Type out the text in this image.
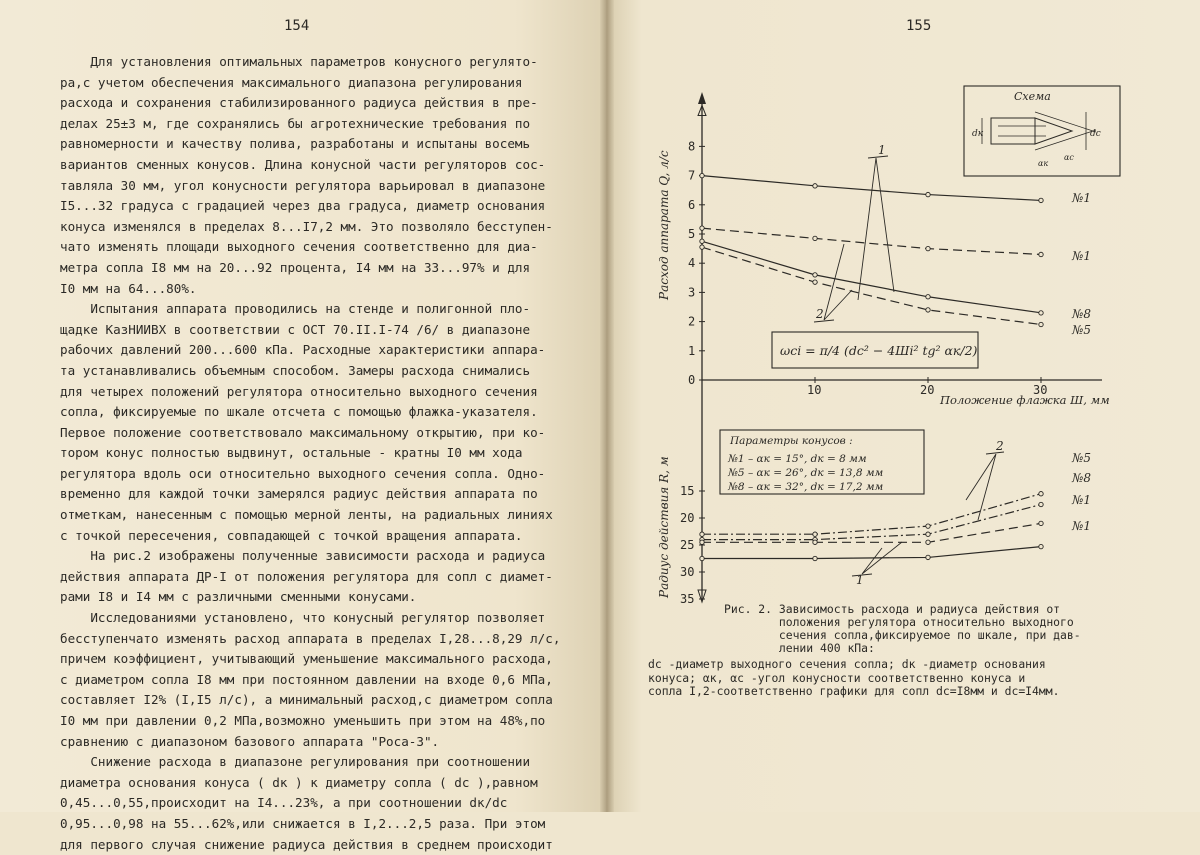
154
Для установления оптимальных параметров конусного регулято-
ра,с учетом обеспечения максимального диапазона регулирования
расхода и сохранения стабилизированного радиуса действия в пре-
делах 25±3 м, где сохранялись бы агротехнические требования по
равномерности и качеству полива, разработаны и испытаны восемь
вариантов сменных конусов. Длина конусной части регуляторов сос-
тавляла 30 мм, угол конусности регулятора варьировал в диапазоне
I5...32 градуса с градацией через два градуса, диаметр основания
конуса изменялся в пределах 8...I7,2 мм. Это позволяло бесступен-
чато изменять площади выходного сечения соответственно для диа-
метра сопла I8 мм на 20...92 процента, I4 мм на 33...97% и для
I0 мм на 64...80%.
Испытания аппарата проводились на стенде и полигонной пло-
щадке КазНИИВХ в соответствии с ОСТ 70.II.I-74 /6/ в диапазоне
рабочих давлений 200...600 кПа. Расходные характеристики аппара-
та устанавливались объемным способом. Замеры расхода снимались
для четырех положений регулятора относительно выходного сечения
сопла, фиксируемые по шкале отсчета с помощью флажка-указателя.
Первое положение соответствовало максимальному открытию, при ко-
тором конус полностью выдвинут, остальные - кратны I0 мм хода
регулятора вдоль оси относительно выходного сечения сопла. Одно-
временно для каждой точки замерялся радиус действия аппарата по
отметкам, нанесенным с помощью мерной ленты, на радиальных линиях
с точкой пересечения, совпадающей с точкой вращения аппарата.
На рис.2 изображены полученные зависимости расхода и радиуса
действия аппарата ДР-I от положения регулятора для сопл с диамет-
рами I8 и I4 мм с различными сменными конусами.
Исследованиями установлено, что конусный регулятор позволяет
бесступенчато изменять расход аппарата в пределах I,28...8,29 л/с,
причем коэффициент, учитывающий уменьшение максимального расхода,
с диаметром сопла I8 мм при постоянном давлении на входе 0,6 МПа,
составляет I2% (I,I5 л/с), а минимальный расход,с диаметром сопла
I0 мм при давлении 0,2 МПа,возможно уменьшить при этом на 48%,по
сравнению с диапазоном базового аппарата "Роса-3".
Снижение расхода в диапазоне регулирования при соотношении
диаметра основания конуса ( dк ) к диаметру сопла ( dс ),равном
0,45...0,55,происходит на I4...23%, а при соотношении dк/dс
0,95...0,98 на 55...62%,или снижается в I,2...2,5 раза. При этом
для первого случая снижение радиуса действия в среднем происходит
155
0
1
2
3
4
5
6
7
8
15
20
25
30
35
10	20	30
Схема
dк	dс
αк
αс
ωсi = π/4 (dс² − 4Шi² tg² αк/2)
Параметры конусов :
№1 – αк = 15°, dк = 8 мм
№5 – αк = 26°, dк = 13,8 мм
№8 – αк = 32°, dк = 17,2 мм
Расход аппарата Q, л/с
Радиус действия R, м
Положение флажка Ш, мм
№1
№1
№8
№5
№5
№8
№1
№1
1
2
2
1
Рис. 2. Зависимость расхода и радиуса действия от
положения регулятора относительно выходного
сечения сопла,фиксируемое по шкале, при дав-
лении 400 кПа:
dс -диаметр выходного сечения сопла; dк -диаметр основания
конуса; αк, αс -угол конусности соответственно конуса и
сопла I,2-соответственно графики для сопл dс=I8мм и dс=I4мм.
